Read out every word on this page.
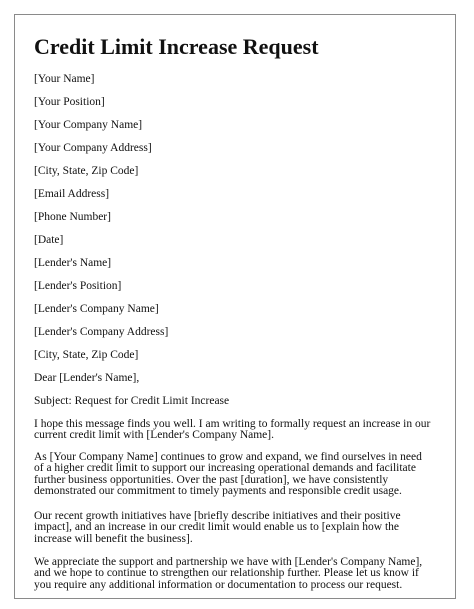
Credit Limit Increase Request

[Your Name]

[Your Position]

[Your Company Name]

[Your Company Address]

[City, State, Zip Code]

[Email Address]

[Phone Number]

[Date]

[Lender's Name]

[Lender's Position]

[Lender's Company Name]

[Lender's Company Address]

[City, State, Zip Code]

Dear [Lender's Name],

Subject: Request for Credit Limit Increase

I hope this message finds you well. I am writing to formally request an increase in our current credit limit with [Lender's Company Name].

As [Your Company Name] continues to grow and expand, we find ourselves in need of a higher credit limit to support our increasing operational demands and facilitate further business opportunities. Over the past [duration], we have consistently demonstrated our commitment to timely payments and responsible credit usage.

Our recent growth initiatives have [briefly describe initiatives and their positive impact], and an increase in our credit limit would enable us to [explain how the increase will benefit the business].

We appreciate the support and partnership we have with [Lender's Company Name], and we hope to continue to strengthen our relationship further. Please let us know if you require any additional information or documentation to process our request.
